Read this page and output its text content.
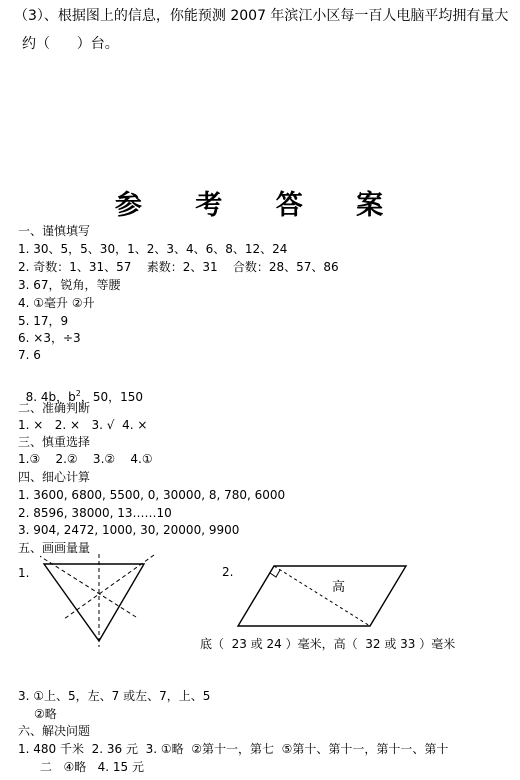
（3）、根据图上的信息，你能预测 2007 年滨江小区每一百人电脑平均拥有量大
约（      ）台。
参 考 答 案
一、谨慎填写
1. 30、5，5、30，1、2、3、4、6、8、12、24
2. 奇数：1、31、57    素数：2、31    合数：28、57、86
3. 67，锐角，等腰
4. ①毫升 ②升
5. 17，9
6. ×3，÷3
7. 6

8. 4b，$b^2$，50，150

二、准确判断
1. ×   2. ×   3. √  4. ×
三、慎重选择
1.③    2.②    3.②    4.①
四、细心计算
1. 3600, 6800, 5500, 0, 30000, 8, 780, 6000
2. 8596, 38000, 13……10
3. 904, 2472, 1000, 30, 20000, 9900
五、画画量量
1.	2.
高
底（  23 或 24 ）毫米，高（  32 或 33 ）毫米
3. ①上、5，左、7 或左、7，上、5
②略
六、解决问题
1. 480 千米  2. 36 元  3. ①略  ②第十一，第七  ⑤第十、第十一，第十一、第十
二   ④略   4. 15 元
